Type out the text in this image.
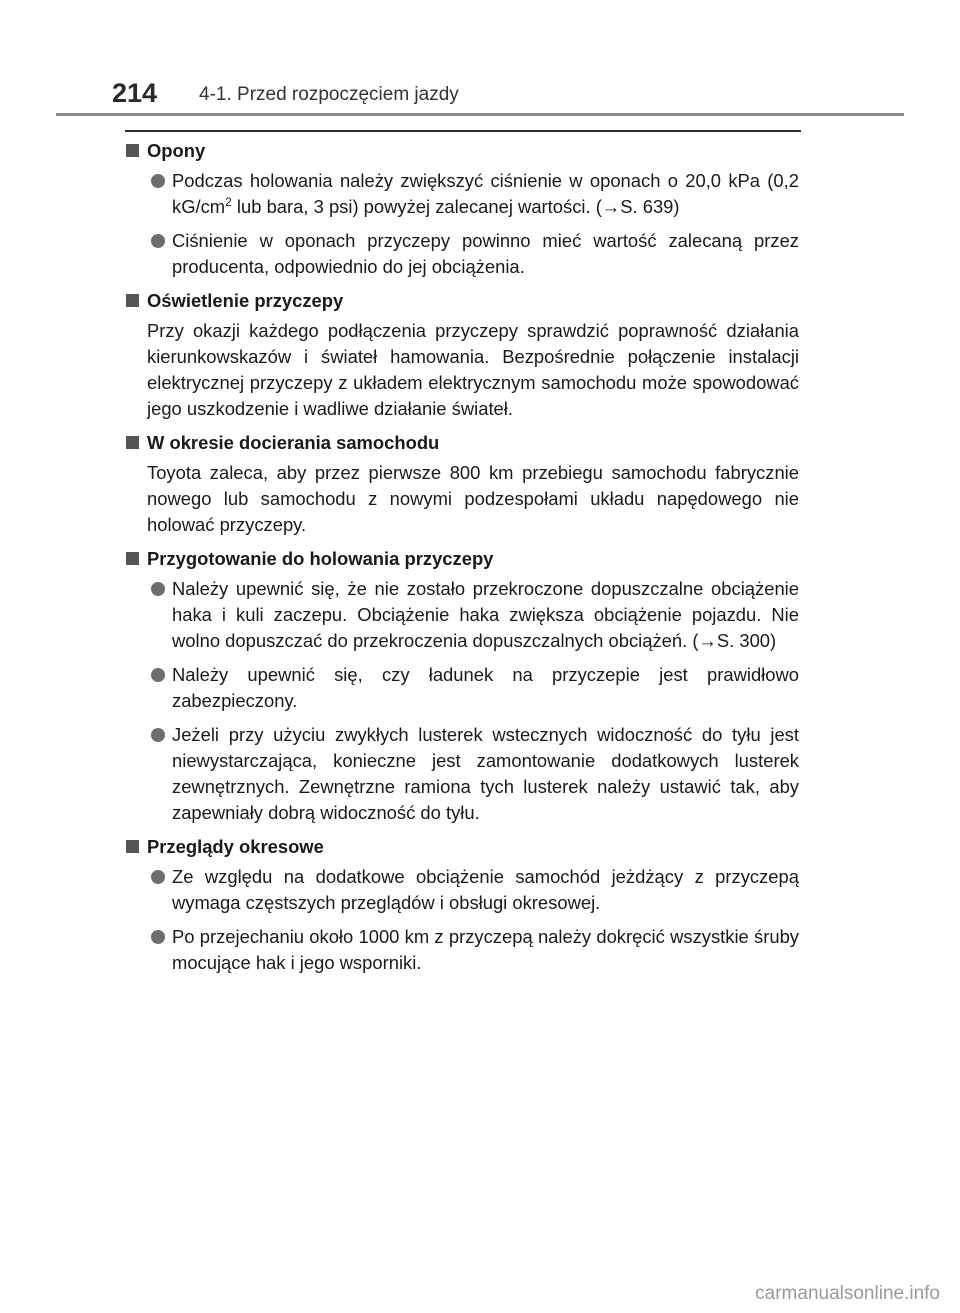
214 4-1. Przed rozpoczęciem jazdy
Opony
Podczas holowania należy zwiększyć ciśnienie w oponach o 20,0 kPa (0,2 $kG/cm^2$ lub bara, 3 psi) powyżej zalecanej wartości. (→S. 639)
Ciśnienie w oponach przyczepy powinno mieć wartość zalecaną przez producenta, odpowiednio do jej obciążenia.
Oświetlenie przyczepy
Przy okazji każdego podłączenia przyczepy sprawdzić poprawność działania kierunkowskazów i świateł hamowania. Bezpośrednie połączenie instalacji elektrycznej przyczepy z układem elektrycznym samochodu może spowodować jego uszkodzenie i wadliwe działanie świateł.
W okresie docierania samochodu
Toyota zaleca, aby przez pierwsze 800 km przebiegu samochodu fabrycznie nowego lub samochodu z nowymi podzespołami układu napędowego nie holować przyczepy.
Przygotowanie do holowania przyczepy
Należy upewnić się, że nie zostało przekroczone dopuszczalne obciążenie haka i kuli zaczepu. Obciążenie haka zwiększa obciążenie pojazdu. Nie wolno dopuszczać do przekroczenia dopuszczalnych obciążeń. (→S. 300)
Należy upewnić się, czy ładunek na przyczepie jest prawidłowo zabezpieczony.
Jeżeli przy użyciu zwykłych lusterek wstecznych widoczność do tyłu jest niewystarczająca, konieczne jest zamontowanie dodatkowych lusterek zewnętrznych. Zewnętrzne ramiona tych lusterek należy ustawić tak, aby zapewniały dobrą widoczność do tyłu.
Przeglądy okresowe
Ze względu na dodatkowe obciążenie samochód jeżdżący z przyczepą wymaga częstszych przeglądów i obsługi okresowej.
Po przejechaniu około 1000 km z przyczepą należy dokręcić wszystkie śruby mocujące hak i jego wsporniki.
carmanualsonline.info
